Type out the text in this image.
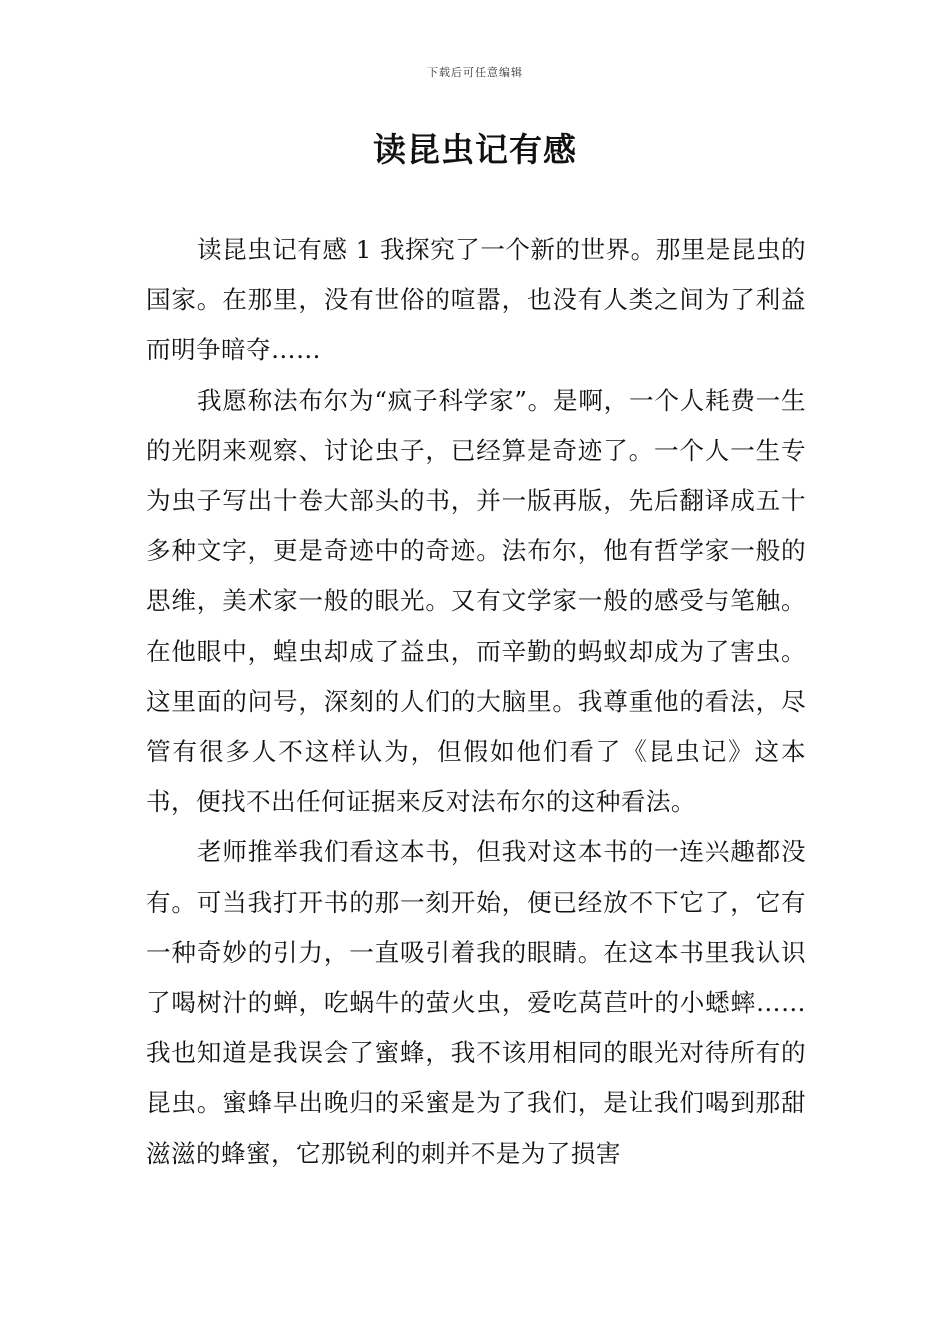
下载后可任意编辑
读昆虫记有感

读昆虫记有感 1 我探究了一个新的世界。那里是昆虫的国家。在那里，没有世俗的喧嚣，也没有人类之间为了利益而明争暗夺……

我愿称法布尔为“疯子科学家”。是啊，一个人耗费一生的光阴来观察、讨论虫子，已经算是奇迹了。一个人一生专为虫子写出十卷大部头的书，并一版再版，先后翻译成五十多种文字，更是奇迹中的奇迹。法布尔，他有哲学家一般的思维，美术家一般的眼光。又有文学家一般的感受与笔触。在他眼中，蝗虫却成了益虫，而辛勤的蚂蚁却成为了害虫。这里面的问号，深刻的人们的大脑里。我尊重他的看法，尽管有很多人不这样认为，但假如他们看了《昆虫记》这本书，便找不出任何证据来反对法布尔的这种看法。

老师推举我们看这本书，但我对这本书的一连兴趣都没有。可当我打开书的那一刻开始，便已经放不下它了，它有一种奇妙的引力，一直吸引着我的眼睛。在这本书里我认识了喝树汁的蝉，吃蜗牛的萤火虫，爱吃莴苣叶的小蟋蟀……我也知道是我误会了蜜蜂，我不该用相同的眼光对待所有的昆虫。蜜蜂早出晚归的采蜜是为了我们，是让我们喝到那甜滋滋的蜂蜜，它那锐利的刺并不是为了损害
